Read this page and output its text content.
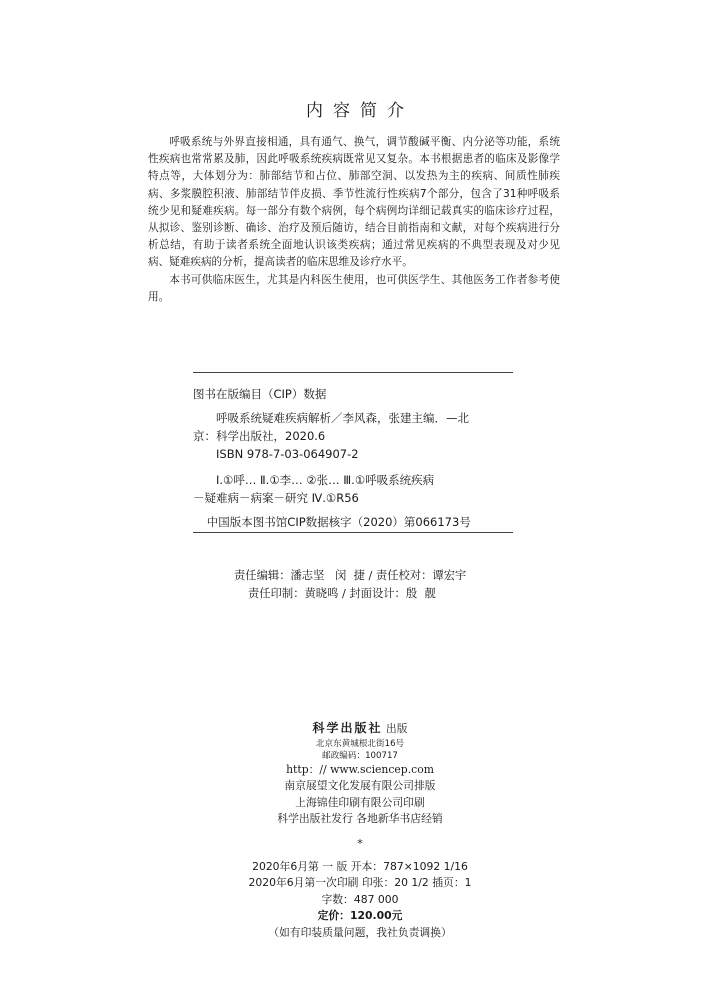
内容简介

呼吸系统与外界直接相通，具有通气、换气，调节酸碱平衡、内分泌等功能，系统性疾病也常常累及肺，因此呼吸系统疾病既常见又复杂。本书根据患者的临床及影像学特点等，大体划分为：肺部结节和占位、肺部空洞、以发热为主的疾病、间质性肺疾病、多浆膜腔积液、肺部结节伴皮损、季节性流行性疾病7个部分，包含了31种呼吸系统少见和疑难疾病。每一部分有数个病例，每个病例均详细记载真实的临床诊疗过程，从拟诊、鉴别诊断、确诊、治疗及预后随访，结合目前指南和文献，对每个疾病进行分析总结，有助于读者系统全面地认识该类疾病；通过常见疾病的不典型表现及对少见病、疑难疾病的分析，提高读者的临床思维及诊疗水平。

本书可供临床医生，尤其是内科医生使用，也可供医学生、其他医务工作者参考使用。

图书在版编目（CIP）数据
呼吸系统疑难疾病解析／李风森，张建主编．—北
京：科学出版社，2020.6
ISBN 978-7-03-064907-2
Ⅰ.①呼… Ⅱ.①李… ②张… Ⅲ.①呼吸系统疾病
－疑难病－病案－研究 Ⅳ.①R56
中国版本图书馆CIP数据核字（2020）第066173号
责任编辑：潘志坚   闵  捷 / 责任校对：谭宏宇
责任印制：黄晓鸣 / 封面设计：殷  靓
科学出版社 出版
北京东黄城根北街16号
邮政编码：100717
http：// www.sciencep.com
南京展望文化发展有限公司排版
上海锦佳印刷有限公司印刷
科学出版社发行 各地新华书店经销
*
2020年6月第 一 版 开本：787×1092 1/16
2020年6月第一次印刷 印张：20 1/2 插页：1
字数：487 000
定价：120.00元
（如有印装质量问题，我社负责调换）
